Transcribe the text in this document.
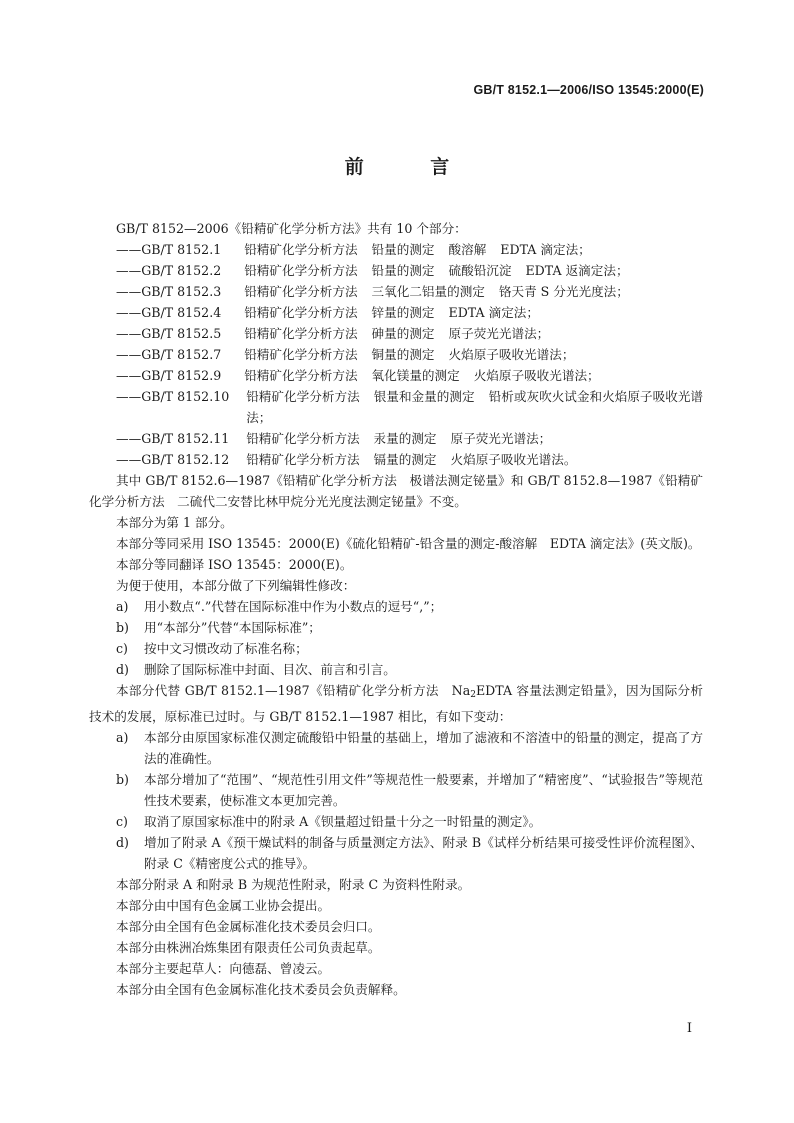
GB/T 8152.1—2006/ISO 13545:2000(E)
前 言

GB/T 8152—2006《铅精矿化学分析方法》共有 10 个部分：

—— GB/T 8152.1	铅精矿化学分析方法 铅量的测定 酸溶解 EDTA 滴定法；
—— GB/T 8152.2	铅精矿化学分析方法 铅量的测定 硫酸铅沉淀 EDTA 返滴定法；
—— GB/T 8152.3	铅精矿化学分析方法 三氧化二铝量的测定 铬天青 S 分光光度法；
—— GB/T 8152.4	铅精矿化学分析方法 锌量的测定 EDTA 滴定法；
—— GB/T 8152.5	铅精矿化学分析方法 砷量的测定 原子荧光光谱法；
—— GB/T 8152.7	铅精矿化学分析方法 铜量的测定 火焰原子吸收光谱法；
—— GB/T 8152.9	铅精矿化学分析方法 氧化镁量的测定 火焰原子吸收光谱法；
—— GB/T 8152.10	铅精矿化学分析方法 银量和金量的测定 铅析或灰吹火试金和火焰原子吸收光谱法；
—— GB/T 8152.11	铅精矿化学分析方法 汞量的测定 原子荧光光谱法；
—— GB/T 8152.12	铅精矿化学分析方法 镉量的测定 火焰原子吸收光谱法。

其中 GB/T 8152.6—1987《铅精矿化学分析方法　极谱法测定铋量》和 GB/T 8152.8—1987《铅精矿化学分析方法　二硫代二安替比林甲烷分光光度法测定铋量》不变。

本部分为第 1 部分。

本部分等同采用 ISO 13545：2000(E)《硫化铅精矿-铅含量的测定-酸溶解　EDTA 滴定法》(英文版)。

本部分等同翻译 ISO 13545：2000(E)。

为便于使用，本部分做了下列编辑性修改：

a)	用小数点“.”代替在国际标准中作为小数点的逗号“,”；
b)	用“本部分”代替“本国际标准”；
c)	按中文习惯改动了标准名称；
d)	删除了国际标准中封面、目次、前言和引言。

本部分代替 GB/T 8152.1—1987《铅精矿化学分析方法　$Na_2EDTA$ 容量法测定铅量》，因为国际分析技术的发展，原标准已过时。与 GB/T 8152.1—1987 相比，有如下变动：

a)	本部分由原国家标准仅测定硫酸铅中铅量的基础上，增加了滤液和不溶渣中的铅量的测定，提高了方法的准确性。
b)	本部分增加了“范围”、“规范性引用文件”等规范性一般要素，并增加了“精密度”、“试验报告”等规范性技术要素，使标准文本更加完善。
c)	取消了原国家标准中的附录 A《钡量超过铅量十分之一时铅量的测定》。
d)	增加了附录 A《预干燥试料的制备与质量测定方法》、附录 B《试样分析结果可接受性评价流程图》、附录 C《精密度公式的推导》。

本部分附录 A 和附录 B 为规范性附录，附录 C 为资料性附录。

本部分由中国有色金属工业协会提出。

本部分由全国有色金属标准化技术委员会归口。

本部分由株洲冶炼集团有限责任公司负责起草。

本部分主要起草人：向德磊、曾凌云。

本部分由全国有色金属标准化技术委员会负责解释。

I
